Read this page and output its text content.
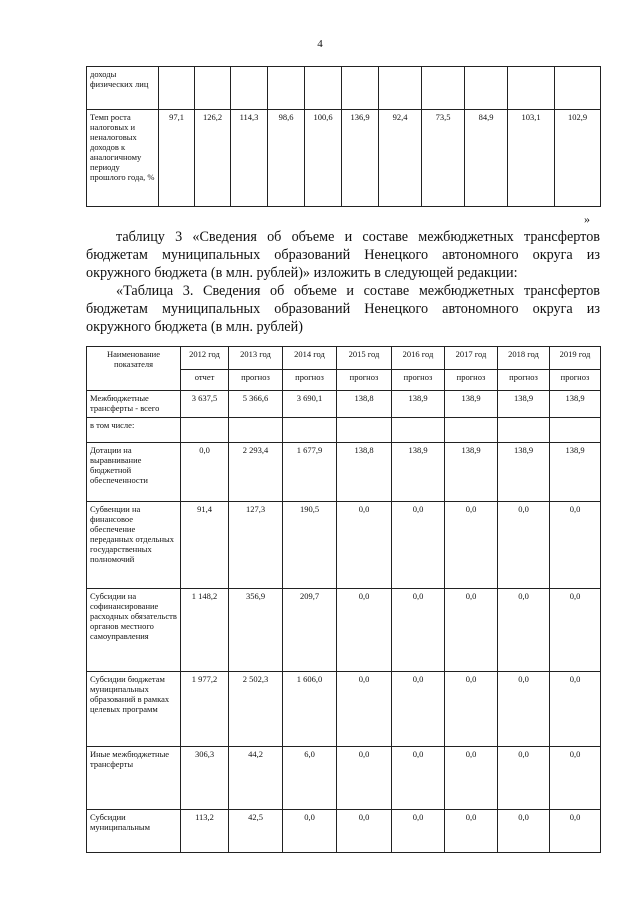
4
доходы физических лиц											
Темп роста налоговых и неналоговых доходов к аналогичному периоду прошлого года, %	97,1	126,2	114,3	98,6	100,6	136,9	92,4	73,5	84,9	103,1	102,9
»

таблицу 3 «Сведения об объеме и составе межбюджетных трансфертов бюджетам муниципальных образований Ненецкого автономного округа из окружного бюджета (в млн. рублей)» изложить в следующей редакции:

«Таблица 3. Сведения об объеме и составе межбюджетных трансфертов бюджетам муниципальных образований Ненецкого автономного округа из окружного бюджета (в млн. рублей)

Наименование показателя	2012 год	2013 год	2014 год	2015 год	2016 год	2017 год	2018 год	2019 год
	отчет	прогноз	прогноз	прогноз	прогноз	прогноз	прогноз	прогноз
Межбюджетные трансферты - всего	3 637,5	5 366,6	3 690,1	138,8	138,9	138,9	138,9	138,9
в том числе:								
Дотации на выравнивание бюджетной обеспеченности	0,0	2 293,4	1 677,9	138,8	138,9	138,9	138,9	138,9
Субвенции на финансовое обеспечение переданных отдельных государственных полномочий	91,4	127,3	190,5	0,0	0,0	0,0	0,0	0,0
Субсидии на софинансирование расходных обязательств органов местного самоуправления	1 148,2	356,9	209,7	0,0	0,0	0,0	0,0	0,0
Субсидии бюджетам муниципальных образований в рамках целевых программ	1 977,2	2 502,3	1 606,0	0,0	0,0	0,0	0,0	0,0
Иные межбюджетные трансферты	306,3	44,2	6,0	0,0	0,0	0,0	0,0	0,0
Субсидии муниципальным	113,2	42,5	0,0	0,0	0,0	0,0	0,0	0,0
